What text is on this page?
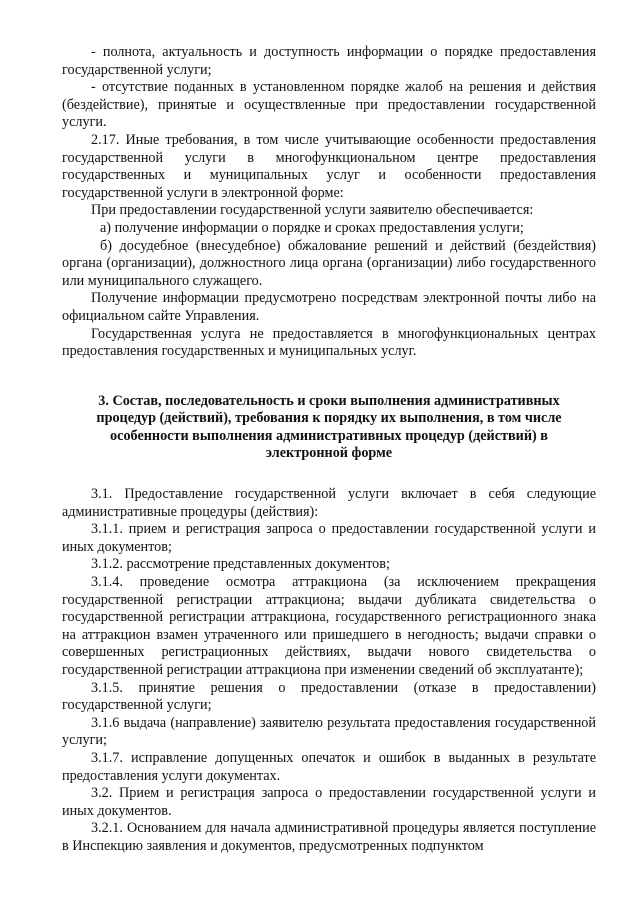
- полнота, актуальность и доступность информации о порядке предоставления государственной услуги;

- отсутствие поданных в установленном порядке жалоб на решения и действия (бездействие), принятые и осуществленные при предоставлении государственной услуги.

2.17. Иные требования, в том числе учитывающие особенности предоставления государственной услуги в многофункциональном центре предоставления государственных и муниципальных услуг и особенности предоставления государственной услуги в электронной форме:

При предоставлении государственной услуги заявителю обеспечивается:

а) получение информации о порядке и сроках предоставления услуги;

б) досудебное (внесудебное) обжалование решений и действий (бездействия) органа (организации), должностного лица органа (организации) либо государственного или муниципального служащего.

Получение информации предусмотрено посредствам электронной почты либо на официальном сайте Управления.

Государственная услуга не предоставляется в многофункциональных центрах предоставления государственных и муниципальных услуг.

3. Состав, последовательность и сроки выполнения административных процедур (действий), требования к порядку их выполнения, в том числе особенности выполнения административных процедур (действий) в электронной форме

3.1. Предоставление государственной услуги включает в себя следующие административные процедуры (действия):

3.1.1. прием и регистрация запроса о предоставлении государственной услуги и иных документов;

3.1.2. рассмотрение представленных документов;

3.1.4. проведение осмотра аттракциона (за исключением прекращения государственной регистрации аттракциона; выдачи дубликата свидетельства о государственной регистрации аттракциона, государственного регистрационного знака на аттракцион взамен утраченного или пришедшего в негодность; выдачи справки о совершенных регистрационных действиях, выдачи нового свидетельства о государственной регистрации аттракциона при изменении сведений об эксплуатанте);

3.1.5. принятие решения о предоставлении (отказе в предоставлении) государственной услуги;

3.1.6 выдача (направление) заявителю результата предоставления государственной услуги;

3.1.7. исправление допущенных опечаток и ошибок в выданных в результате предоставления услуги документах.

3.2. Прием и регистрация запроса о предоставлении государственной услуги и иных документов.

3.2.1. Основанием для начала административной процедуры является поступление в Инспекцию заявления и документов, предусмотренных подпунктом
